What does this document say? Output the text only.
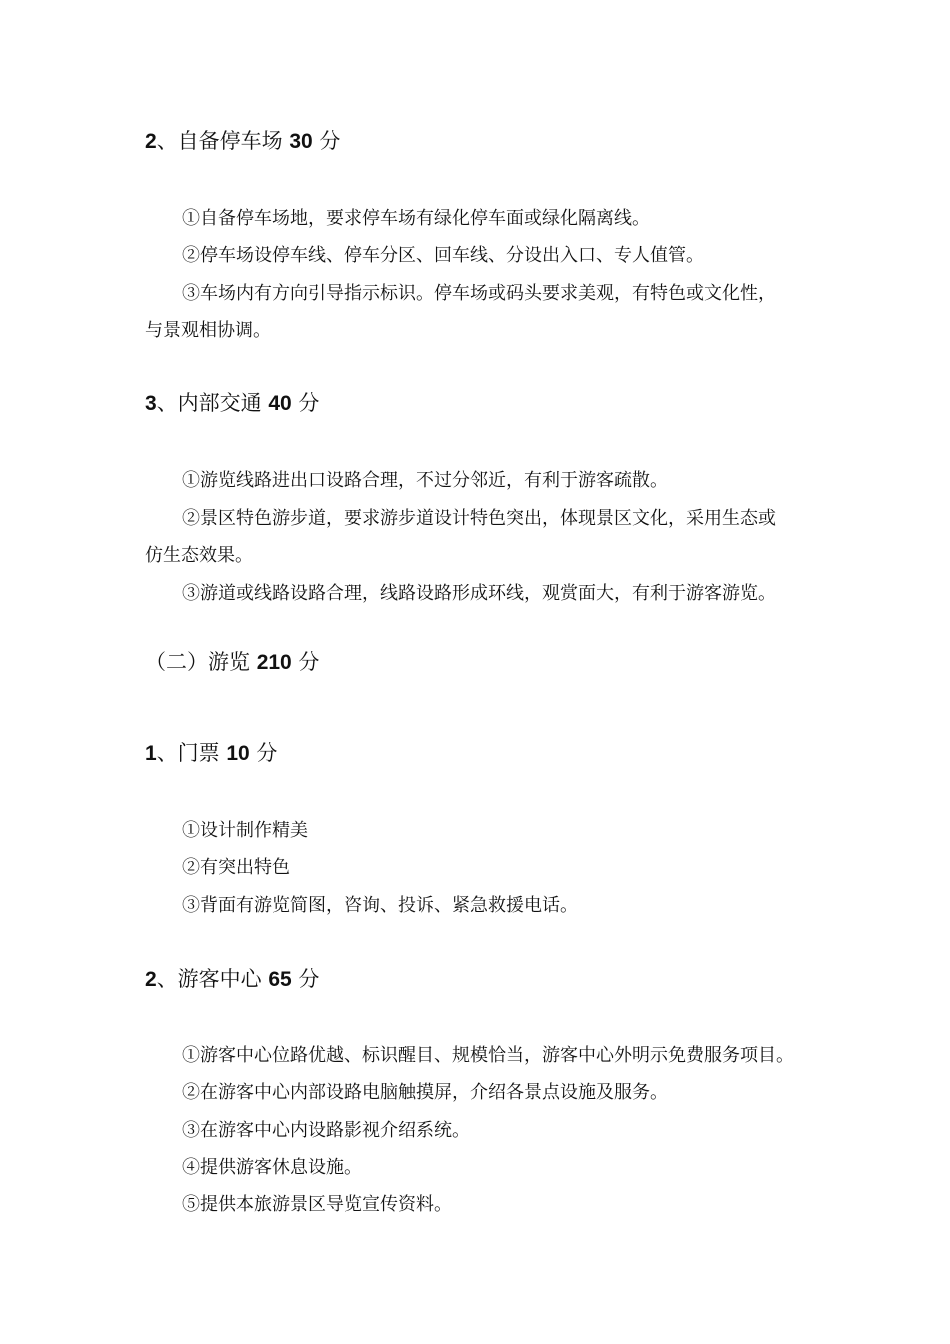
2、自备停车场 30 分
①自备停车场地，要求停车场有绿化停车面或绿化隔离线。
②停车场设停车线、停车分区、回车线、分设出入口、专人值管。
③车场内有方向引导指示标识。停车场或码头要求美观，有特色或文化性，
与景观相协调。
3、内部交通 40 分
①游览线路进出口设路合理，不过分邻近，有利于游客疏散。
②景区特色游步道，要求游步道设计特色突出，体现景区文化，采用生态或
仿生态效果。
③游道或线路设路合理，线路设路形成环线，观赏面大，有利于游客游览。
（二）游览 210 分
1、门票 10 分
①设计制作精美
②有突出特色
③背面有游览简图，咨询、投诉、紧急救援电话。
2、游客中心 65 分
①游客中心位路优越、标识醒目、规模恰当，游客中心外明示免费服务项目。
②在游客中心内部设路电脑触摸屏，介绍各景点设施及服务。
③在游客中心内设路影视介绍系统。
④提供游客休息设施。
⑤提供本旅游景区导览宣传资料。
